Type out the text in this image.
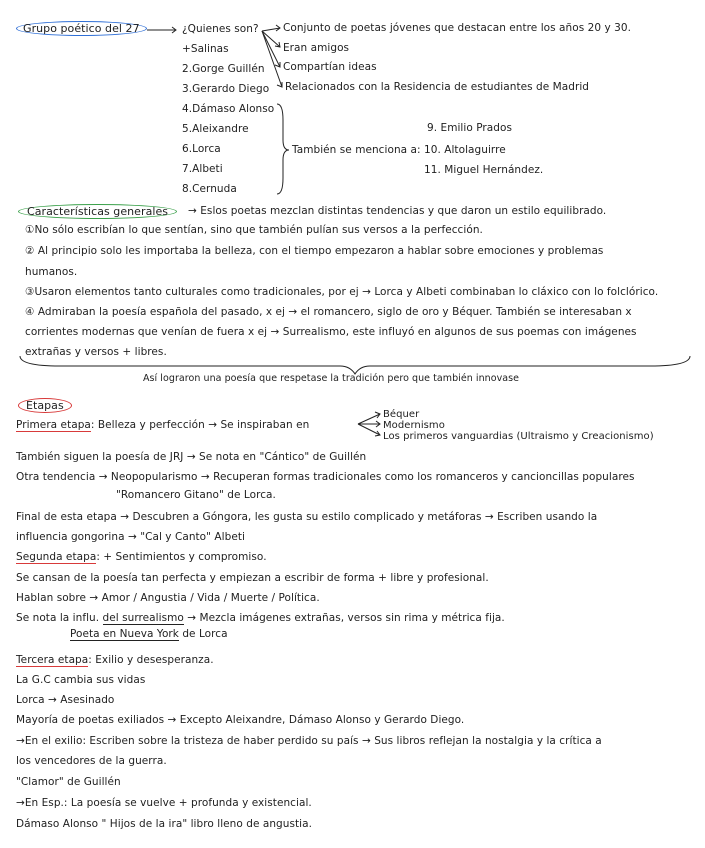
Grupo poético del 27	¿Quienes son? Conjunto de poetas jóvenes que destacan entre los años 20 y 30.
Eran amigos
Compartían ideas
Relacionados con la Residencia de estudiantes de Madrid
+Salinas
2.Gorge Guillén
3.Gerardo Diego
4.Dámaso Alonso
5.Aleixandre
6.Lorca
7.Albeti
8.Cernuda
También se menciona a:
9. Emilio Prados
10. Altolaguirre
11. Miguel Hernández.
Características generales	→ Eslos poetas mezclan distintas tendencias y que daron un estilo equilibrado.
①No sólo escribían lo que sentían, sino que también pulían sus versos a la perfección.
② Al principio solo les importaba la belleza, con el tiempo empezaron a hablar sobre emociones y problemas
humanos.
③Usaron elementos tanto culturales como tradicionales, por ej → Lorca y Albeti combinaban lo cláxico con lo folclórico.
④ Admiraban la poesía española del pasado, x ej → el romancero, siglo de oro y Béquer. También se interesaban x
corrientes modernas que venían de fuera x ej → Surrealismo, este influyó en algunos de sus poemas con imágenes
extrañas y versos + libres.
Así lograron una poesía que respetase la tradición pero que también innovase
Etapas
Primera etapa: Belleza y perfección → Se inspiraban en
Béquer
Modernismo
Los primeros vanguardias (Ultraismo y Creacionismo)
También siguen la poesía de JRJ → Se nota en "Cántico" de Guillén
Otra tendencia → Neopopularismo → Recuperan formas tradicionales como los romanceros y cancioncillas populares
"Romancero Gitano" de Lorca.
Final de esta etapa → Descubren a Góngora, les gusta su estilo complicado y metáforas → Escriben usando la
influencia gongorina → "Cal y Canto" Albeti
Segunda etapa: + Sentimientos y compromiso.
Se cansan de la poesía tan perfecta y empiezan a escribir de forma + libre y profesional.
Hablan sobre → Amor / Angustia / Vida / Muerte / Política.
Se nota la influ. del surrealismo → Mezcla imágenes extrañas, versos sin rima y métrica fija.
Poeta en Nueva York de Lorca
Tercera etapa: Exilio y desesperanza.
La G.C cambia sus vidas
Lorca → Asesinado
Mayoría de poetas exiliados → Excepto Aleixandre, Dámaso Alonso y Gerardo Diego.
→En el exilio: Escriben sobre la tristeza de haber perdido su país → Sus libros reflejan la nostalgia y la crítica a
los vencedores de la guerra.
"Clamor" de Guillén
→En Esp.: La poesía se vuelve + profunda y existencial.
Dámaso Alonso " Hijos de la ira" libro lleno de angustia.
